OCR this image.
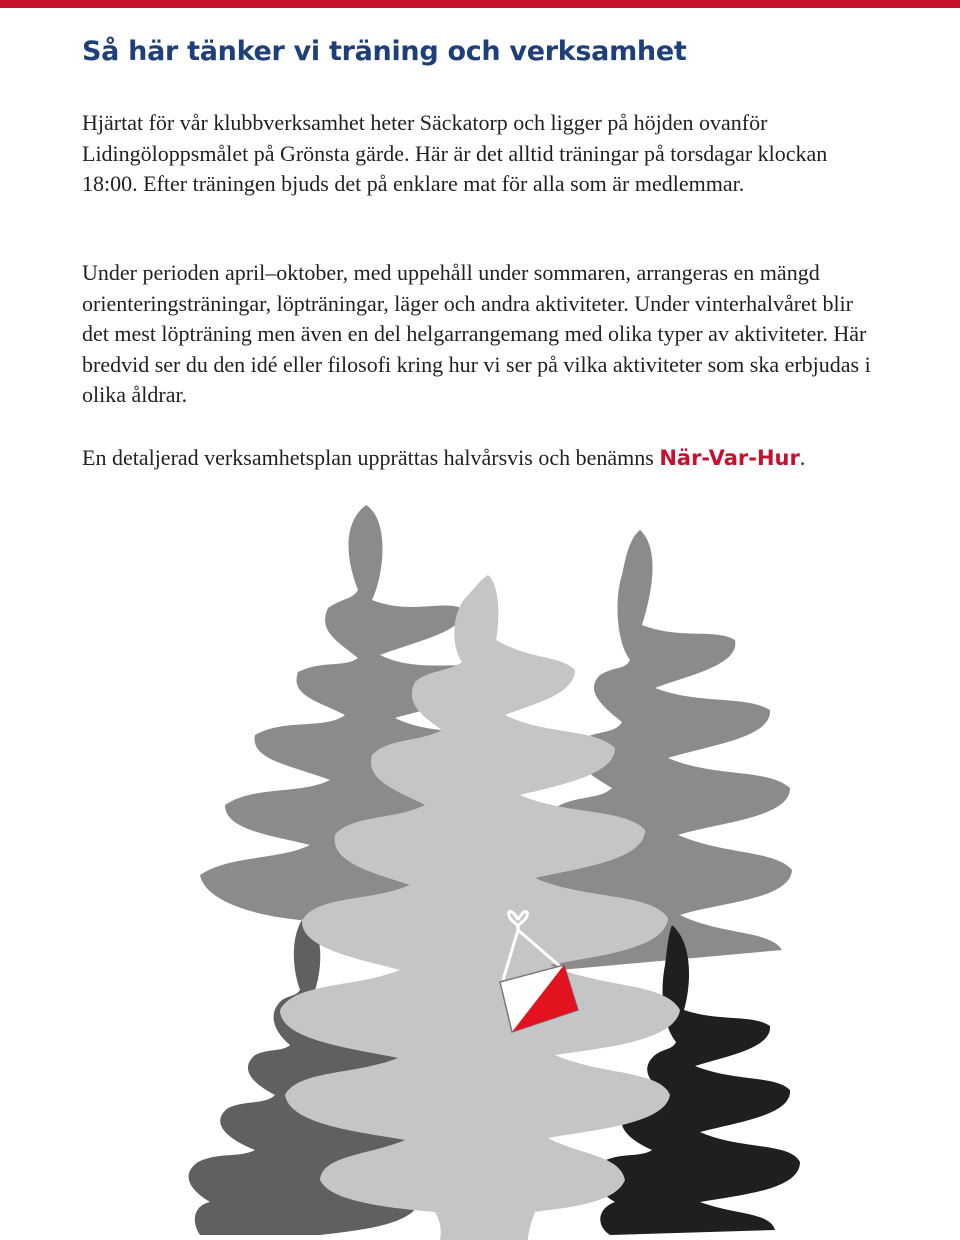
Så här tänker vi träning och verksamhet

Hjärtat för vår klubbverksamhet heter Säckatorp och ligger på höjden ovanför Lidingöloppsmålet på Grönsta gärde. Här är det alltid träningar på torsdagar klockan 18:00. Efter träningen bjuds det på enklare mat för alla som är medlemmar.

Under perioden april–oktober, med uppehåll under sommaren, arrangeras en mängd orienteringsträningar, löpträningar, läger och andra aktiviteter. Under vinterhalvåret blir det mest löpträning men även en del helgarrangemang med olika typer av aktiviteter. Här bredvid ser du den idé eller filosofi kring hur vi ser på vilka aktiviteter som ska erbjudas i olika åldrar.

En detaljerad verksamhetsplan upprättas halvårsvis och benämns När-Var-Hur.
